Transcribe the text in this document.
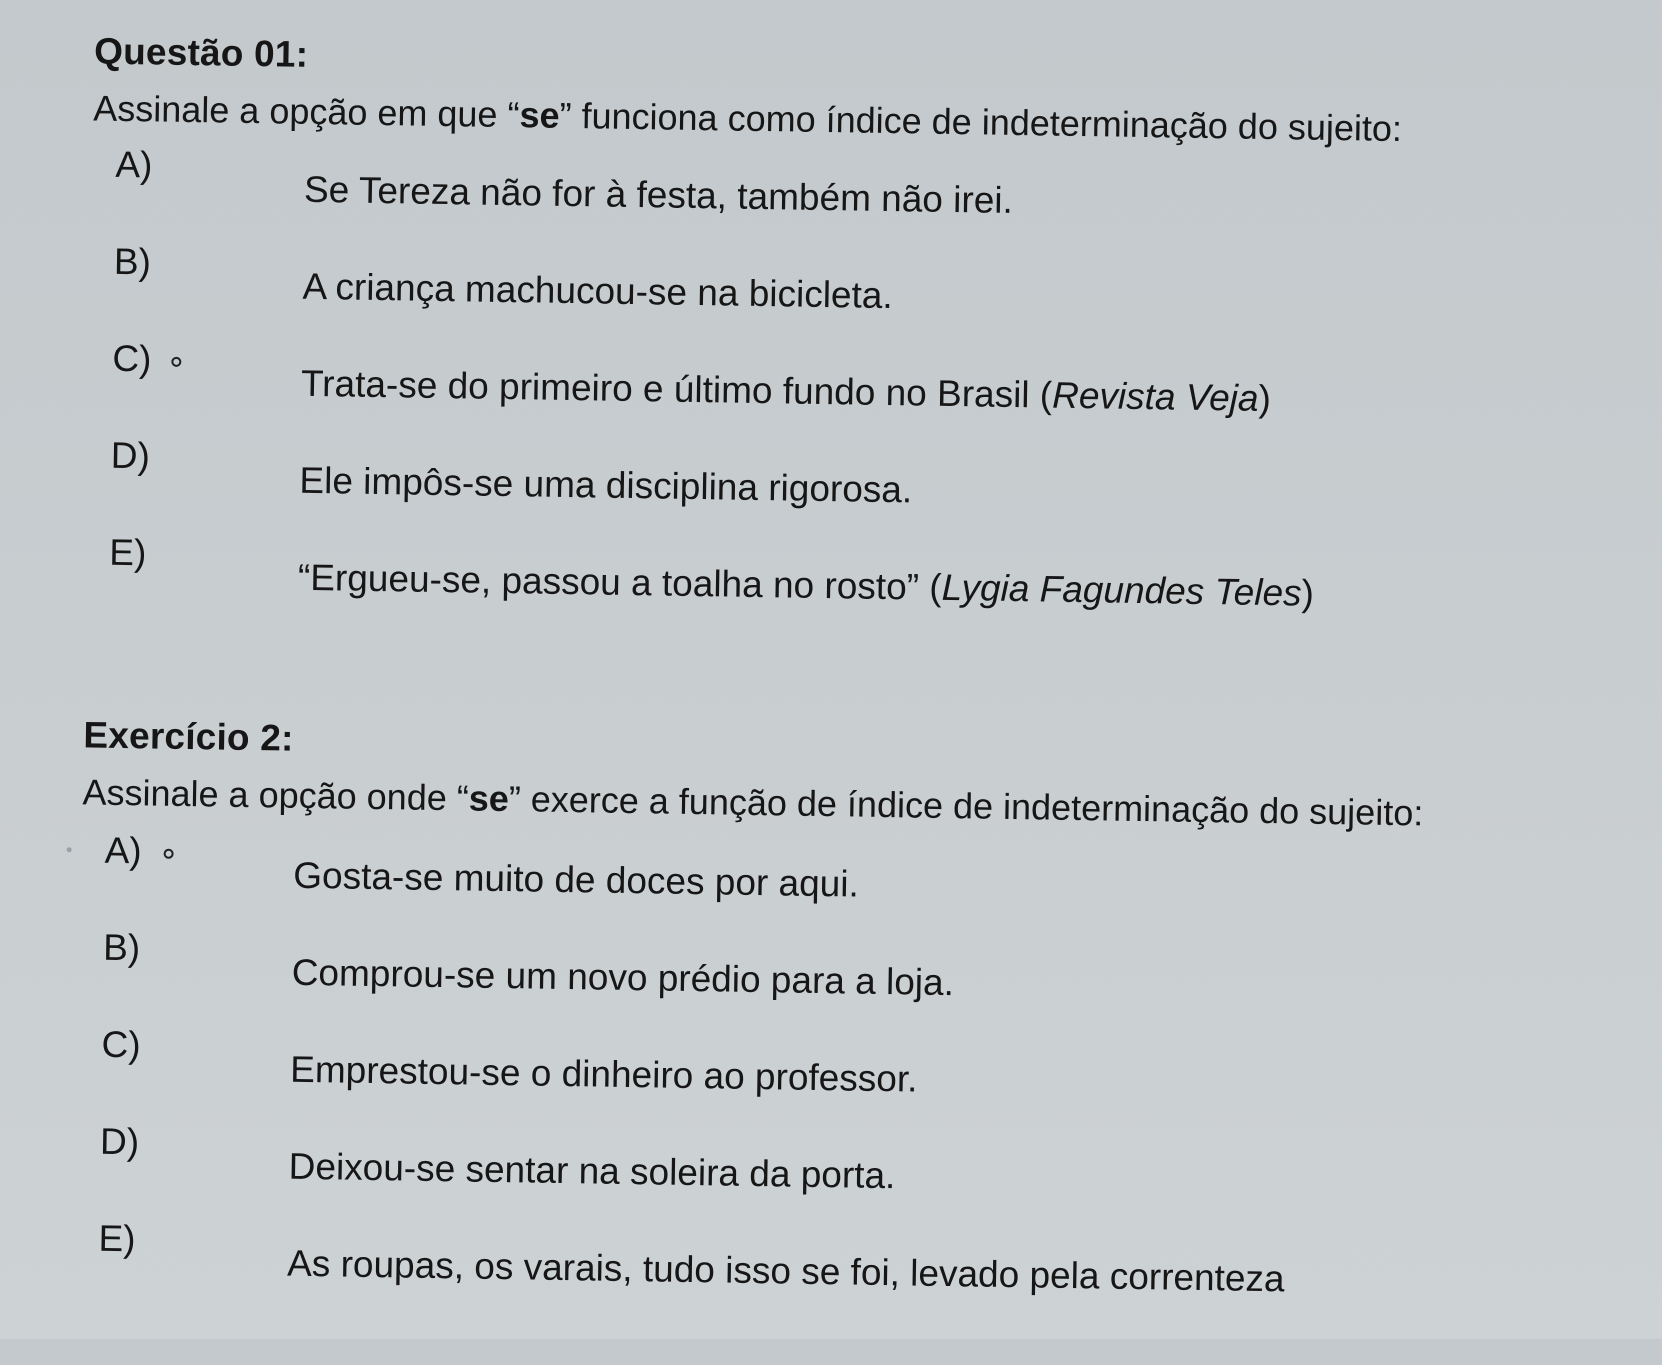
Questão 01:

Assinale a opção em que “se” funciona como índice de indeterminação do sujeito:

A)
Se Tereza não for à festa, também não irei.
B)
A criança machucou-se na bicicleta.
C)
Trata-se do primeiro e último fundo no Brasil (Revista Veja)
D)
Ele impôs-se uma disciplina rigorosa.
E)
“Ergueu-se, passou a toalha no rosto” (Lygia Fagundes Teles)
Exercício 2:

Assinale a opção onde “se” exerce a função de índice de indeterminação do sujeito:

A)
Gosta-se muito de doces por aqui.
B)
Comprou-se um novo prédio para a loja.
C)
Emprestou-se o dinheiro ao professor.
D)
Deixou-se sentar na soleira da porta.
E)
As roupas, os varais, tudo isso se foi, levado pela correnteza
